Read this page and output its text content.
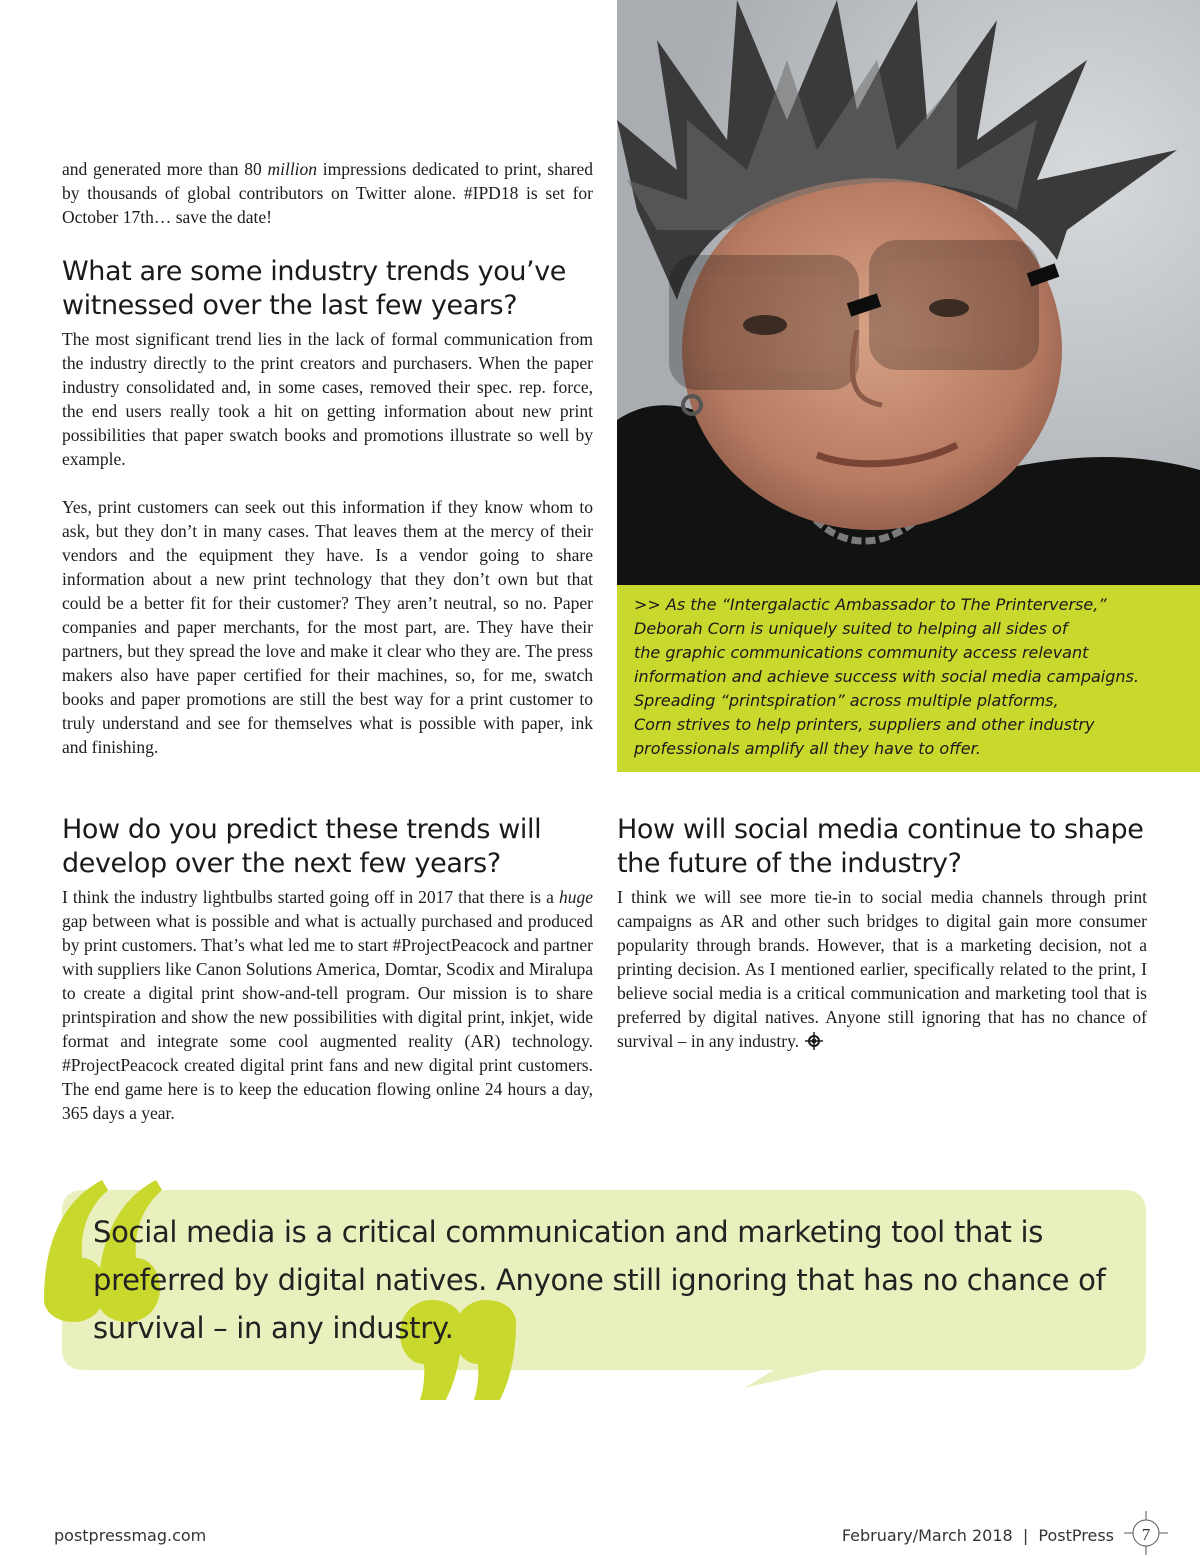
and generated more than 80 million impressions dedicated to print, shared by thousands of global contributors on Twitter alone. #IPD18 is set for October 17th… save the date!

What are some industry trends you’ve witnessed over the last few years?

The most significant trend lies in the lack of formal communication from the industry directly to the print creators and purchasers. When the paper industry consolidated and, in some cases, removed their spec. rep. force, the end users really took a hit on getting information about new print possibilities that paper swatch books and promotions illustrate so well by example.

Yes, print customers can seek out this information if they know whom to ask, but they don’t in many cases. That leaves them at the mercy of their vendors and the equipment they have. Is a vendor going to share information about a new print technology that they don’t own but that could be a better fit for their customer? They aren’t neutral, so no. Paper companies and paper merchants, for the most part, are. They have their partners, but they spread the love and make it clear who they are. The press makers also have paper certified for their machines, so, for me, swatch books and paper promotions are still the best way for a print customer to truly understand and see for themselves what is possible with paper, ink and finishing.

>> As the “Intergalactic Ambassador to The Printerverse,”
Deborah Corn is uniquely suited to helping all sides of
the graphic communications community access relevant
information and achieve success with social media campaigns.
Spreading “printspiration” across multiple platforms,
Corn strives to help printers, suppliers and other industry
professionals amplify all they have to offer.

How do you predict these trends will develop over the next few years?

I think the industry lightbulbs started going off in 2017 that there is a huge gap between what is possible and what is actually purchased and produced by print customers. That’s what led me to start #ProjectPeacock and partner with suppliers like Canon Solutions America, Domtar, Scodix and Miralupa to create a digital print show-and-tell program. Our mission is to share printspiration and show the new possibilities with digital print, inkjet, wide format and integrate some cool augmented reality (AR) technology. #ProjectPeacock created digital print fans and new digital print customers. The end game here is to keep the education flowing online 24 hours a day, 365 days a year.

How will social media continue to shape the future of the industry?

I think we will see more tie-in to social media channels through print campaigns as AR and other such bridges to digital gain more consumer popularity through brands. However, that is a marketing decision, not a printing decision. As I mentioned earlier, specifically related to the print, I believe social media is a critical communication and marketing tool that is preferred by digital natives. Anyone still ignoring that has no chance of survival – in any industry.

Social media is a critical communication and marketing tool that is preferred by digital natives. Anyone still ignoring that has no chance of survival – in any industry.

postpressmag.com	February/March 2018  |  PostPress 7
